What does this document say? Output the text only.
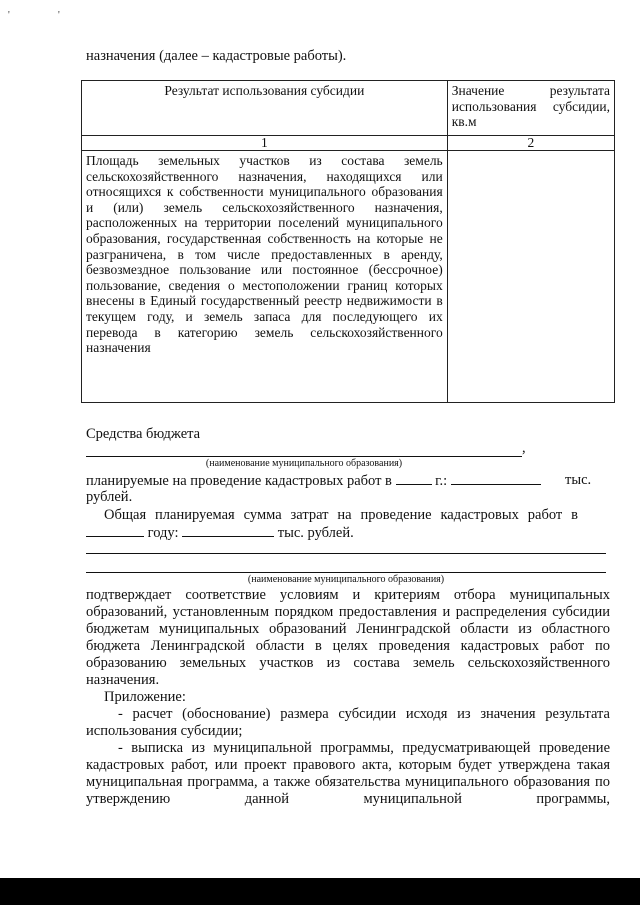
'	'
назначения (далее – кадастровые работы).
Результат использования субсидии	Значение результата использования субсидии, кв.м
1	2
Площадь земельных участков из состава земель сельскохозяйственного назначения, находящихся или относящихся к собственности муниципального образования и (или) земель сельскохозяйственного назначения, расположенных на территории поселений муниципального образования, государственная собственность на которые не разграничена, в том числе предоставленных в аренду, безвозмездное пользование или постоянное (бессрочное) пользование, сведения о местоположении границ которых внесены в Единый государственный реестр недвижимости в текущем году, и земель запаса для последующего их перевода в категорию земель сельскохозяйственного назначения	
Средства бюджета
,
(наименование муниципального образования)
планируемые на проведение кадастровых работ в	г.:	тыс.
рублей.
Общая планируемая сумма затрат на проведение кадастровых работ в
году:	тыс. рублей.
(наименование муниципального образования)
подтверждает соответствие условиям и критериям отбора муниципальных образований, установленным порядком предоставления и распределения субсидии бюджетам муниципальных образований Ленинградской области из областного бюджета Ленинградской области в целях проведения кадастровых работ по образованию земельных участков из состава земель сельскохозяйственного назначения.
Приложение:
- расчет (обоснование) размера субсидии исходя из значения результата использования субсидии;
- выписка из муниципальной программы, предусматривающей проведение кадастровых работ, или проект правового акта, которым будет утверждена такая муниципальная программа, а также обязательства муниципального образования по утверждению данной муниципальной программы,
